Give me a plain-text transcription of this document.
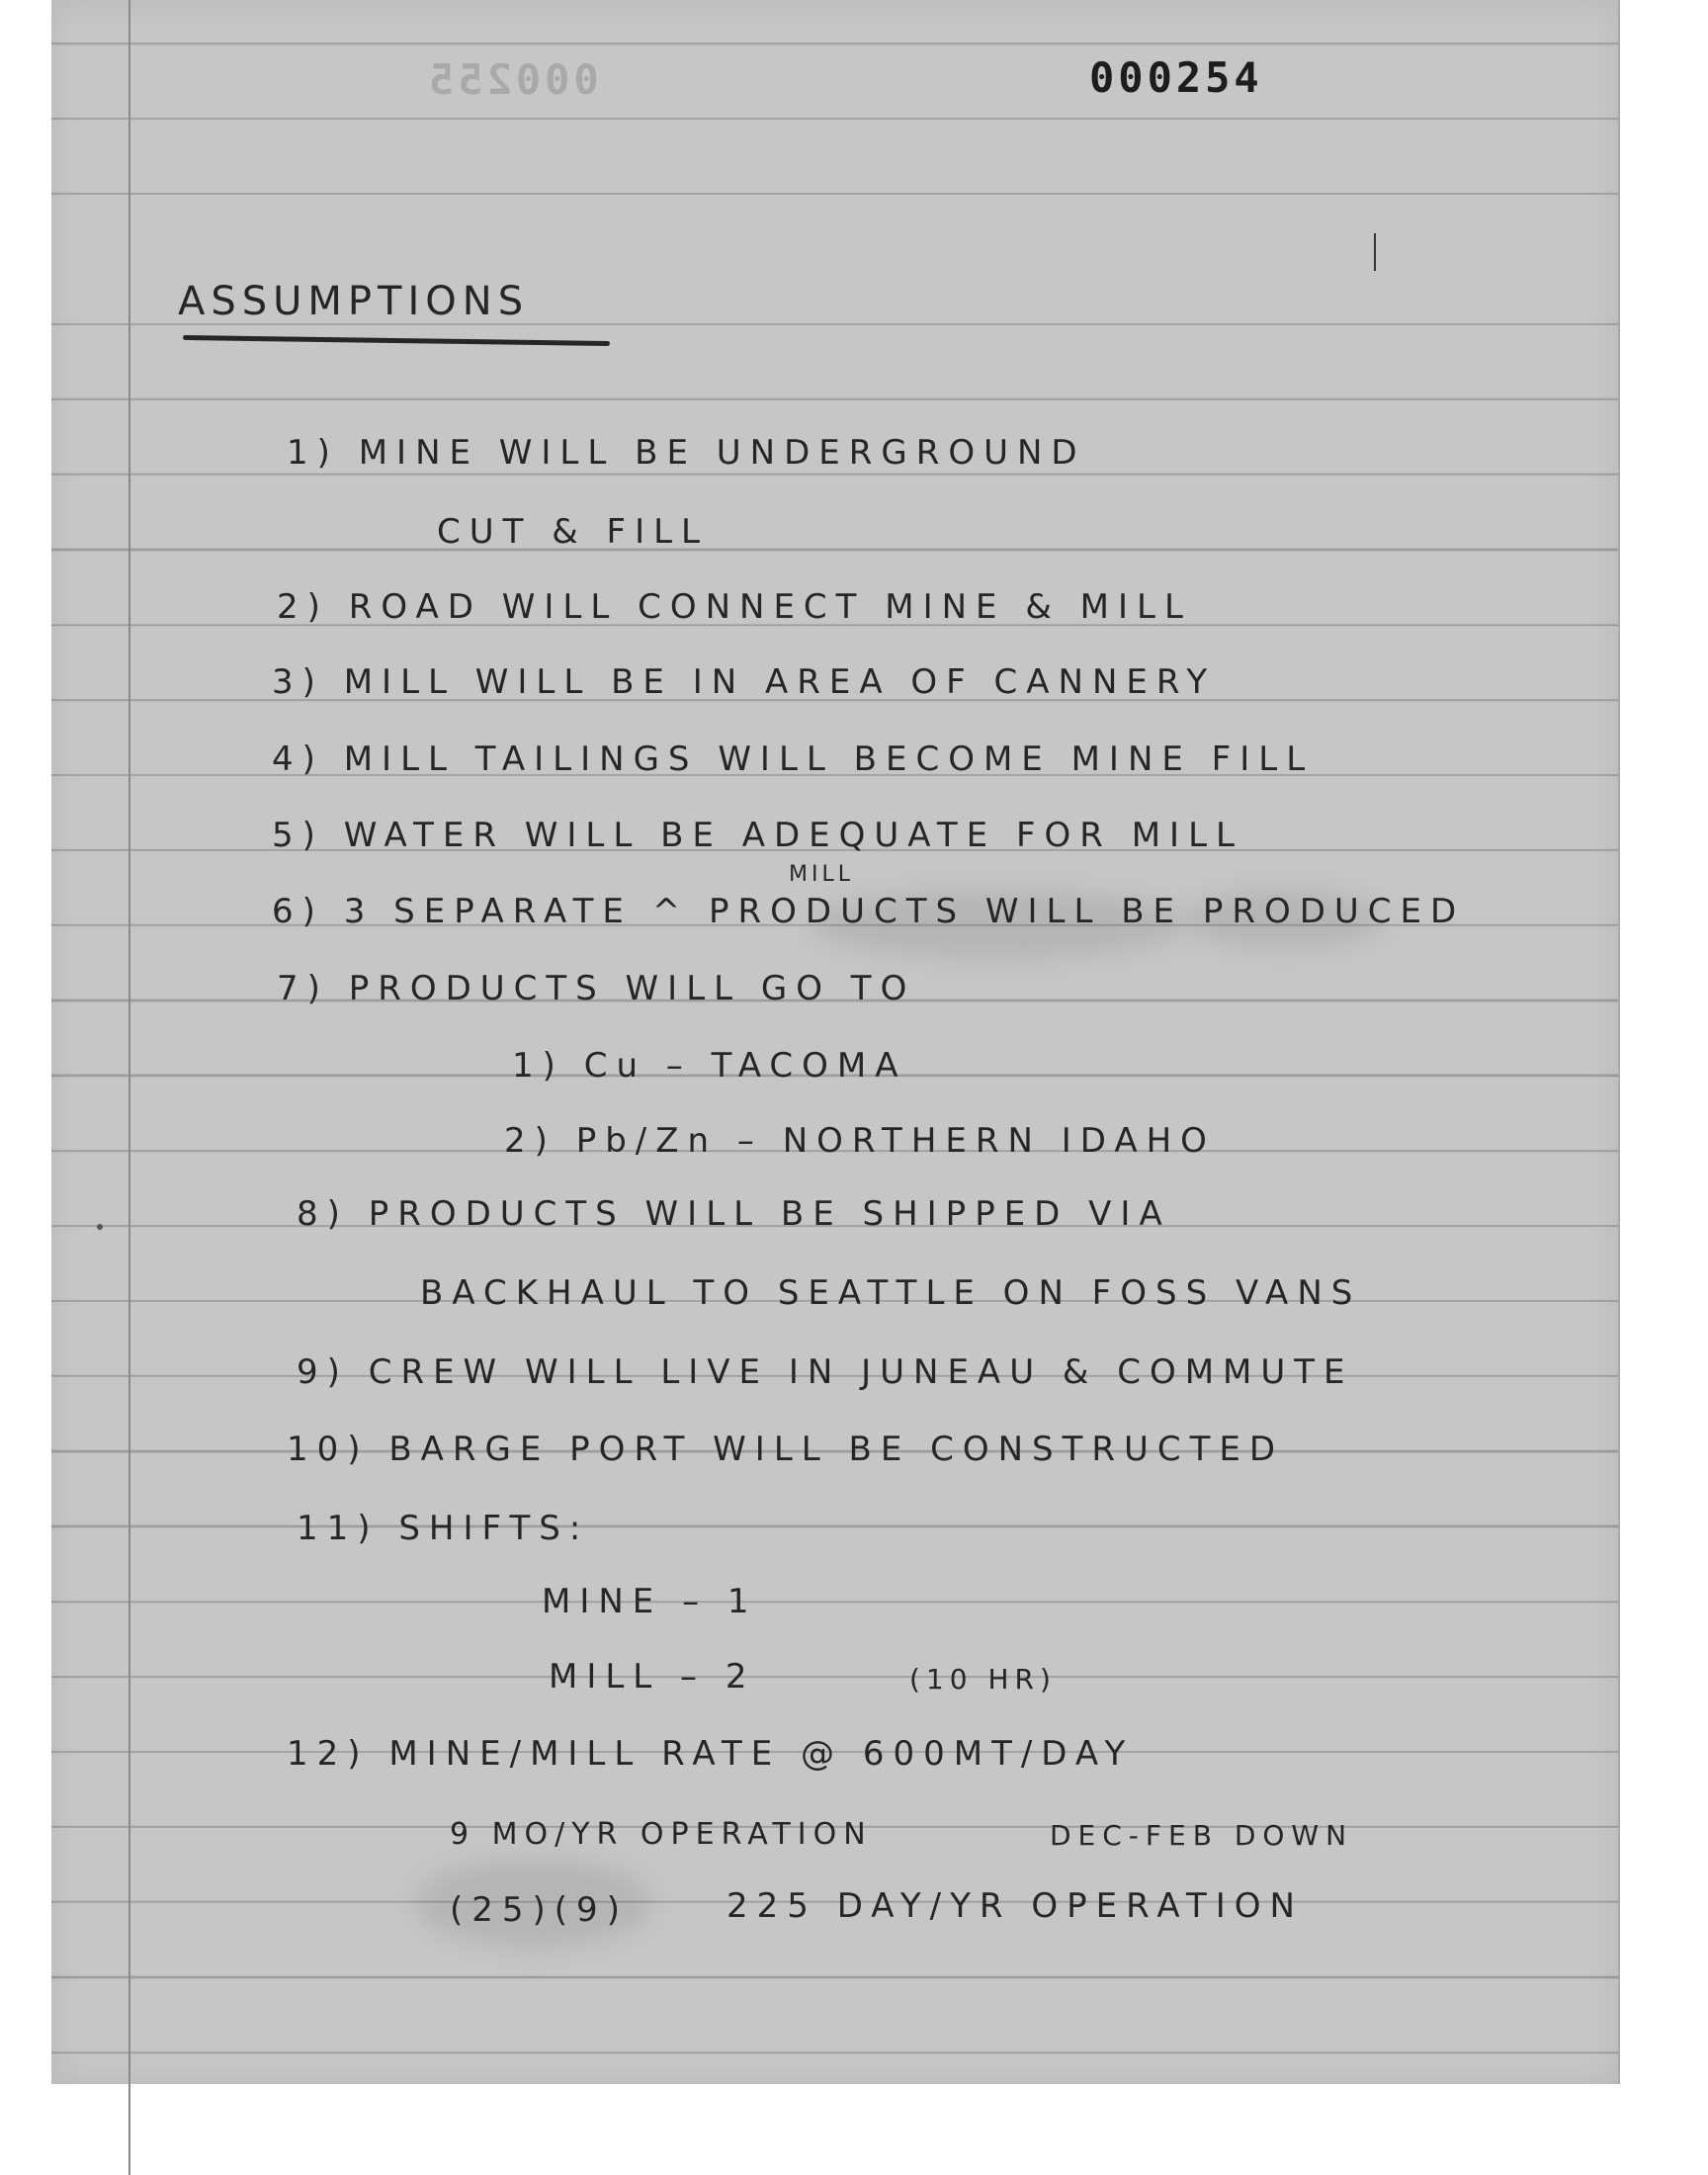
000255	000254
ASSUMPTIONS
1) MINE WILL BE UNDERGROUND
CUT & FILL
2) ROAD WILL CONNECT MINE & MILL
3) MILL WILL BE IN AREA OF CANNERY
4) MILL TAILINGS WILL BECOME MINE FILL
5) WATER WILL BE ADEQUATE FOR MILL
MILL
6) 3 SEPARATE ^ PRODUCTS WILL BE PRODUCED
7) PRODUCTS WILL GO TO
1) Cu – TACOMA
2) Pb/Zn – NORTHERN IDAHO
8) PRODUCTS WILL BE SHIPPED VIA
BACKHAUL TO SEATTLE ON FOSS VANS
9) CREW WILL LIVE IN JUNEAU & COMMUTE
10) BARGE PORT WILL BE CONSTRUCTED
11) SHIFTS:
MINE – 1
MILL – 2	(10 HR)
12) MINE/MILL RATE @ 600MT/DAY
9 MO/YR OPERATION	DEC-FEB DOWN
(25)(9)	225 DAY/YR OPERATION
